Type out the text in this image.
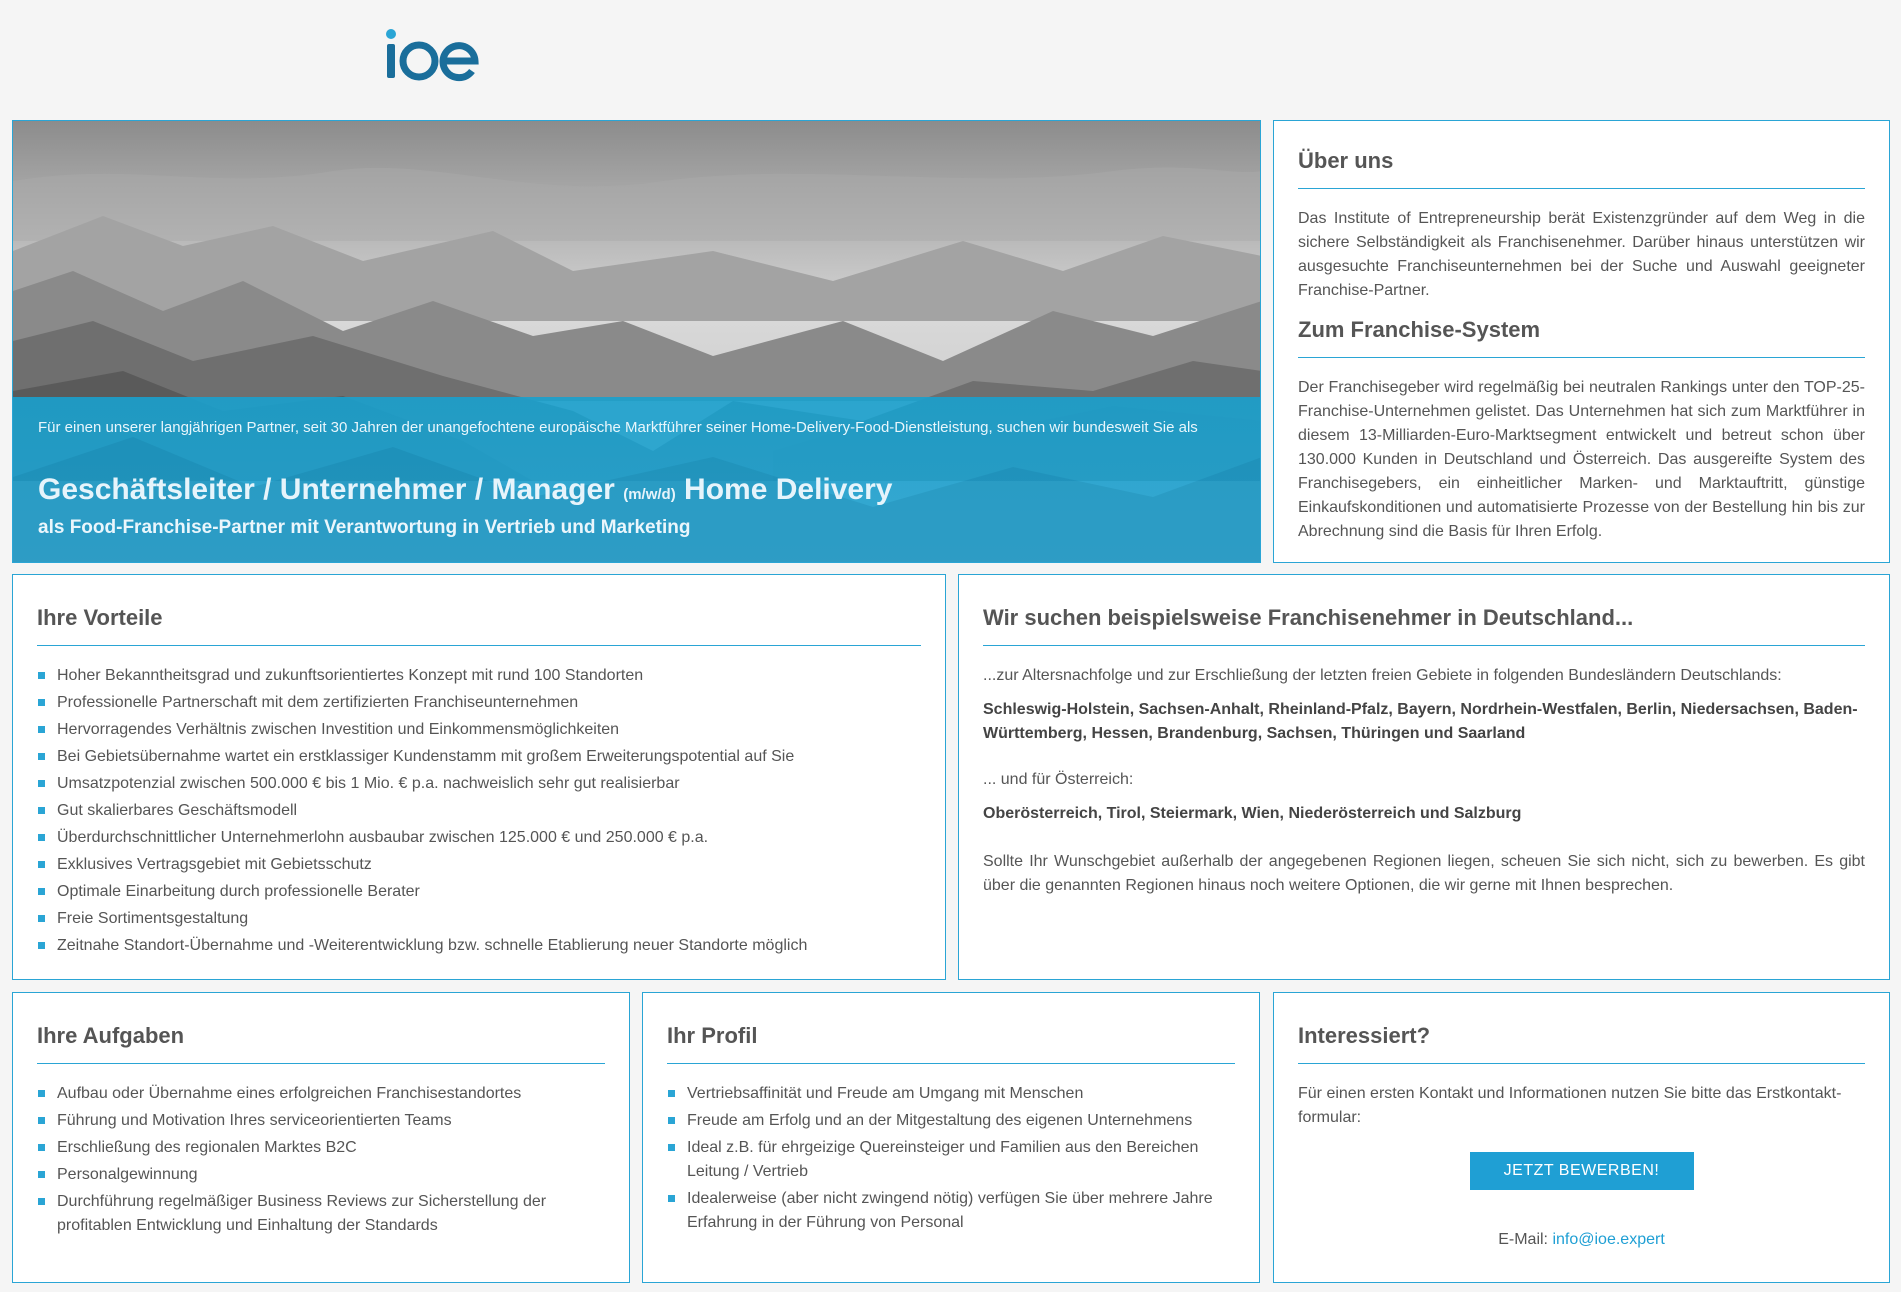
Für einen unserer langjährigen Partner, seit 30 Jahren der unangefochtene europäische Marktführer seiner Home-Delivery-Food-Dienstleistung, suchen wir bundesweit Sie als
Geschäftsleiter / Unternehmer / Manager (m/w/d) Home Delivery
als Food-Franchise-Partner mit Verantwortung in Vertrieb und Marketing
Über uns

Das Institute of Entrepreneurship berät Existenzgründer auf dem Weg in die sichere Selbständigkeit als Franchisenehmer. Darüber hinaus unterstützen wir ausgesuchte Franchiseunternehmen bei der Suche und Auswahl geeigneter Franchise-Partner.

Zum Franchise-System

Der Franchisegeber wird regelmäßig bei neutralen Rankings unter den TOP-25-Franchise-Unternehmen gelistet. Das Unternehmen hat sich zum Marktführer in diesem 13-Milliarden-Euro-Marktsegment entwickelt und betreut schon über 130.000 Kunden in Deutschland und Österreich. Das ausgereifte System des Franchisegebers, ein einheitlicher Marken- und Marktauftritt, günstige Einkaufskonditionen und automatisierte Prozesse von der Bestellung hin bis zur Abrechnung sind die Basis für Ihren Erfolg.

Ihre Vorteile
Hoher Bekanntheitsgrad und zukunftsorientiertes Konzept mit rund 100 Standorten
Professionelle Partnerschaft mit dem zertifizierten Franchiseunternehmen
Hervorragendes Verhältnis zwischen Investition und Einkommensmöglichkeiten
Bei Gebietsübernahme wartet ein erstklassiger Kundenstamm mit großem Erweiterungspotential auf Sie
Umsatzpotenzial zwischen 500.000 € bis 1 Mio. € p.a. nachweislich sehr gut realisierbar
Gut skalierbares Geschäftsmodell
Überdurchschnittlicher Unternehmerlohn ausbaubar zwischen 125.000 € und 250.000 € p.a.
Exklusives Vertragsgebiet mit Gebietsschutz
Optimale Einarbeitung durch professionelle Berater
Freie Sortimentsgestaltung
Zeitnahe Standort-Übernahme und -Weiterentwicklung bzw. schnelle Etablierung neuer Standorte möglich
Wir suchen beispielsweise Franchisenehmer in Deutschland...

...zur Altersnachfolge und zur Erschließung der letzten freien Gebiete in folgenden Bundesländern Deutschlands:

Schleswig-Holstein, Sachsen-Anhalt, Rheinland-Pfalz, Bayern, Nordrhein-Westfalen, Berlin, Niedersachsen, Baden-Württemberg, Hessen, Brandenburg, Sachsen, Thüringen und Saarland

... und für Österreich:

Oberösterreich, Tirol, Steiermark, Wien, Niederösterreich und Salzburg

Sollte Ihr Wunschgebiet außerhalb der angegebenen Regionen liegen, scheuen Sie sich nicht, sich zu bewerben. Es gibt über die genannten Regionen hinaus noch weitere Optionen, die wir gerne mit Ihnen besprechen.

Ihre Aufgaben
Aufbau oder Übernahme eines erfolgreichen Franchisestandortes
Führung und Motivation Ihres serviceorientierten Teams
Erschließung des regionalen Marktes B2C
Personalgewinnung
Durchführung regelmäßiger Business Reviews zur Sicherstellung der profitablen Entwicklung und Einhaltung der Standards
Ihr Profil
Vertriebsaffinität und Freude am Umgang mit Menschen
Freude am Erfolg und an der Mitgestaltung des eigenen Unternehmens
Ideal z.B. für ehrgeizige Quereinsteiger und Familien aus den Bereichen Leitung / Vertrieb
Idealerweise (aber nicht zwingend nötig) verfügen Sie über mehrere Jahre Erfahrung in der Führung von Personal
Interessiert?

Für einen ersten Kontakt und Informationen nutzen Sie bitte das Erstkontakt-formular:

JETZT BEWERBEN!

E-Mail: info@ioe.expert
